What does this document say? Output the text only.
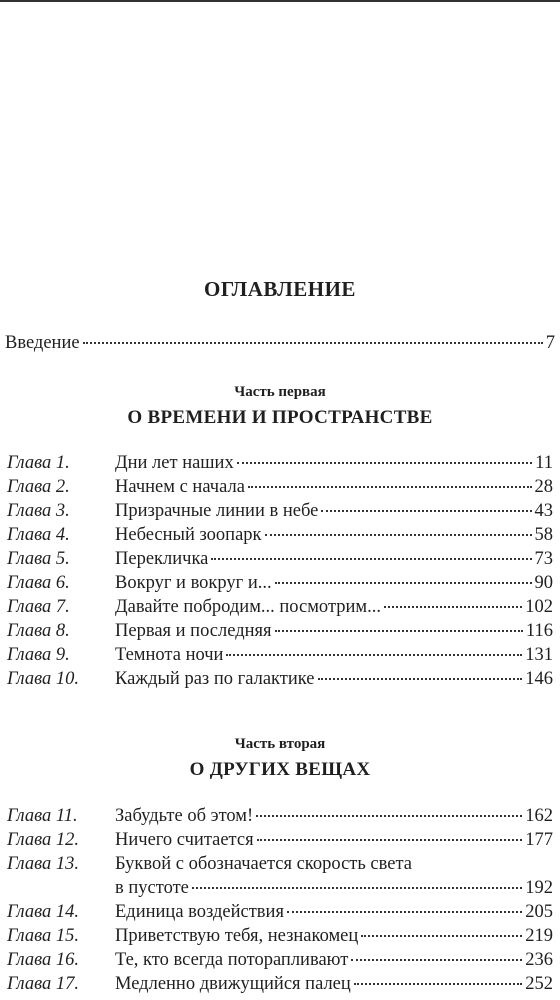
ОГЛАВЛЕНИЕ
Введение	7
Часть первая
О ВРЕМЕНИ И ПРОСТРАНСТВЕ
Глава 1.	Дни лет наших	11
Глава 2.	Начнем с начала	28
Глава 3.	Призрачные линии в небе	43
Глава 4.	Небесный зоопарк	58
Глава 5.	Перекличка	73
Глава 6.	Вокруг и вокруг и...	90
Глава 7.	Давайте побродим... посмотрим...	102
Глава 8.	Первая и последняя	116
Глава 9.	Темнота ночи	131
Глава 10.	Каждый раз по галактике	146
Часть вторая
О ДРУГИХ ВЕЩАХ
Глава 11.	Забудьте об этом!	162
Глава 12.	Ничего считается	177
Глава 13.	Буквой c обозначается скорость света
в пустоте	192
Глава 14.	Единица воздействия	205
Глава 15.	Приветствую тебя, незнакомец	219
Глава 16.	Те, кто всегда поторапливают	236
Глава 17.	Медленно движущийся палец	252
